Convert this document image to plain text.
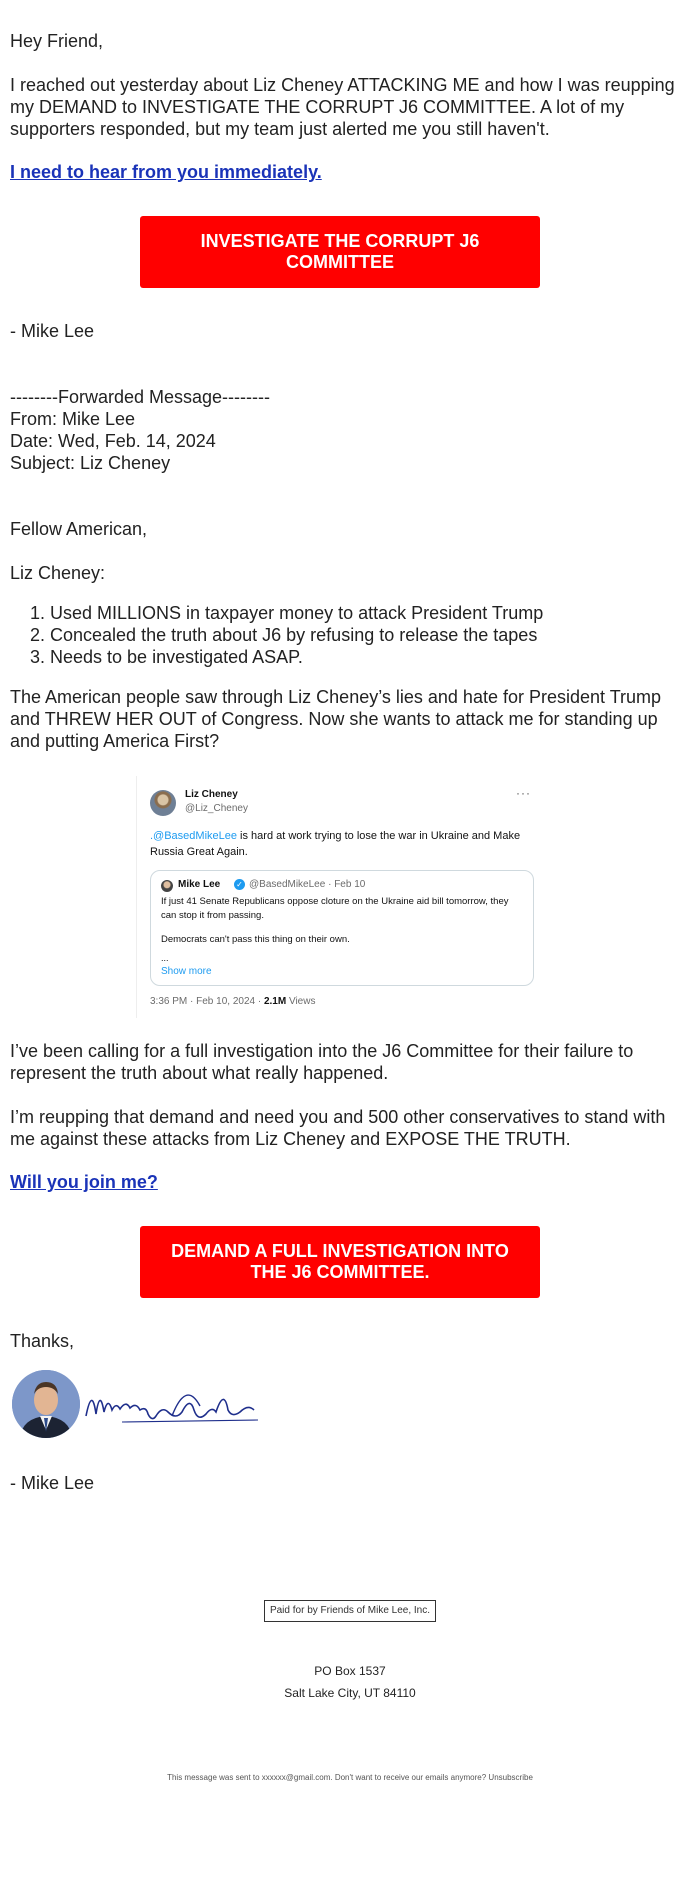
Hey Friend,

I reached out yesterday about Liz Cheney ATTACKING ME and how I was reupping my DEMAND to INVESTIGATE THE CORRUPT J6 COMMITTEE. A lot of my supporters responded, but my team just alerted me you still haven't.

I need to hear from you immediately.
INVESTIGATE THE CORRUPT J6 COMMITTEE

- Mike Lee

--------Forwarded Message--------

From: Mike Lee

Date: Wed, Feb. 14, 2024

Subject: Liz Cheney

Fellow American,

Liz Cheney:

1. Used MILLIONS in taxpayer money to attack President Trump
2. Concealed the truth about J6 by refusing to release the tapes
3. Needs to be investigated ASAP.

The American people saw through Liz Cheney’s lies and hate for President Trump and THREW HER OUT of Congress. Now she wants to attack me for standing up and putting America First?

Liz Cheney
@Liz_Cheney
···
.@BasedMikeLee is hard at work trying to lose the war in Ukraine and Make Russia Great Again.
Mike Lee ✓ @BasedMikeLee · Feb 10
If just 41 Senate Republicans oppose cloture on the Ukraine aid bill tomorrow, they can stop it from passing.
Democrats can't pass this thing on their own.
...
Show more
3:36 PM · Feb 10, 2024 · 2.1M Views

I’ve been calling for a full investigation into the J6 Committee for their failure to represent the truth about what really happened.

I’m reupping that demand and need you and 500 other conservatives to stand with me against these attacks from Liz Cheney and EXPOSE THE TRUTH.

Will you join me?
DEMAND A FULL INVESTIGATION INTO THE J6 COMMITTEE.

Thanks,

- Mike Lee

Paid for by Friends of Mike Lee, Inc.
PO Box 1537
Salt Lake City, UT 84110
This message was sent to xxxxxx@gmail.com. Don't want to receive our emails anymore? Unsubscribe
